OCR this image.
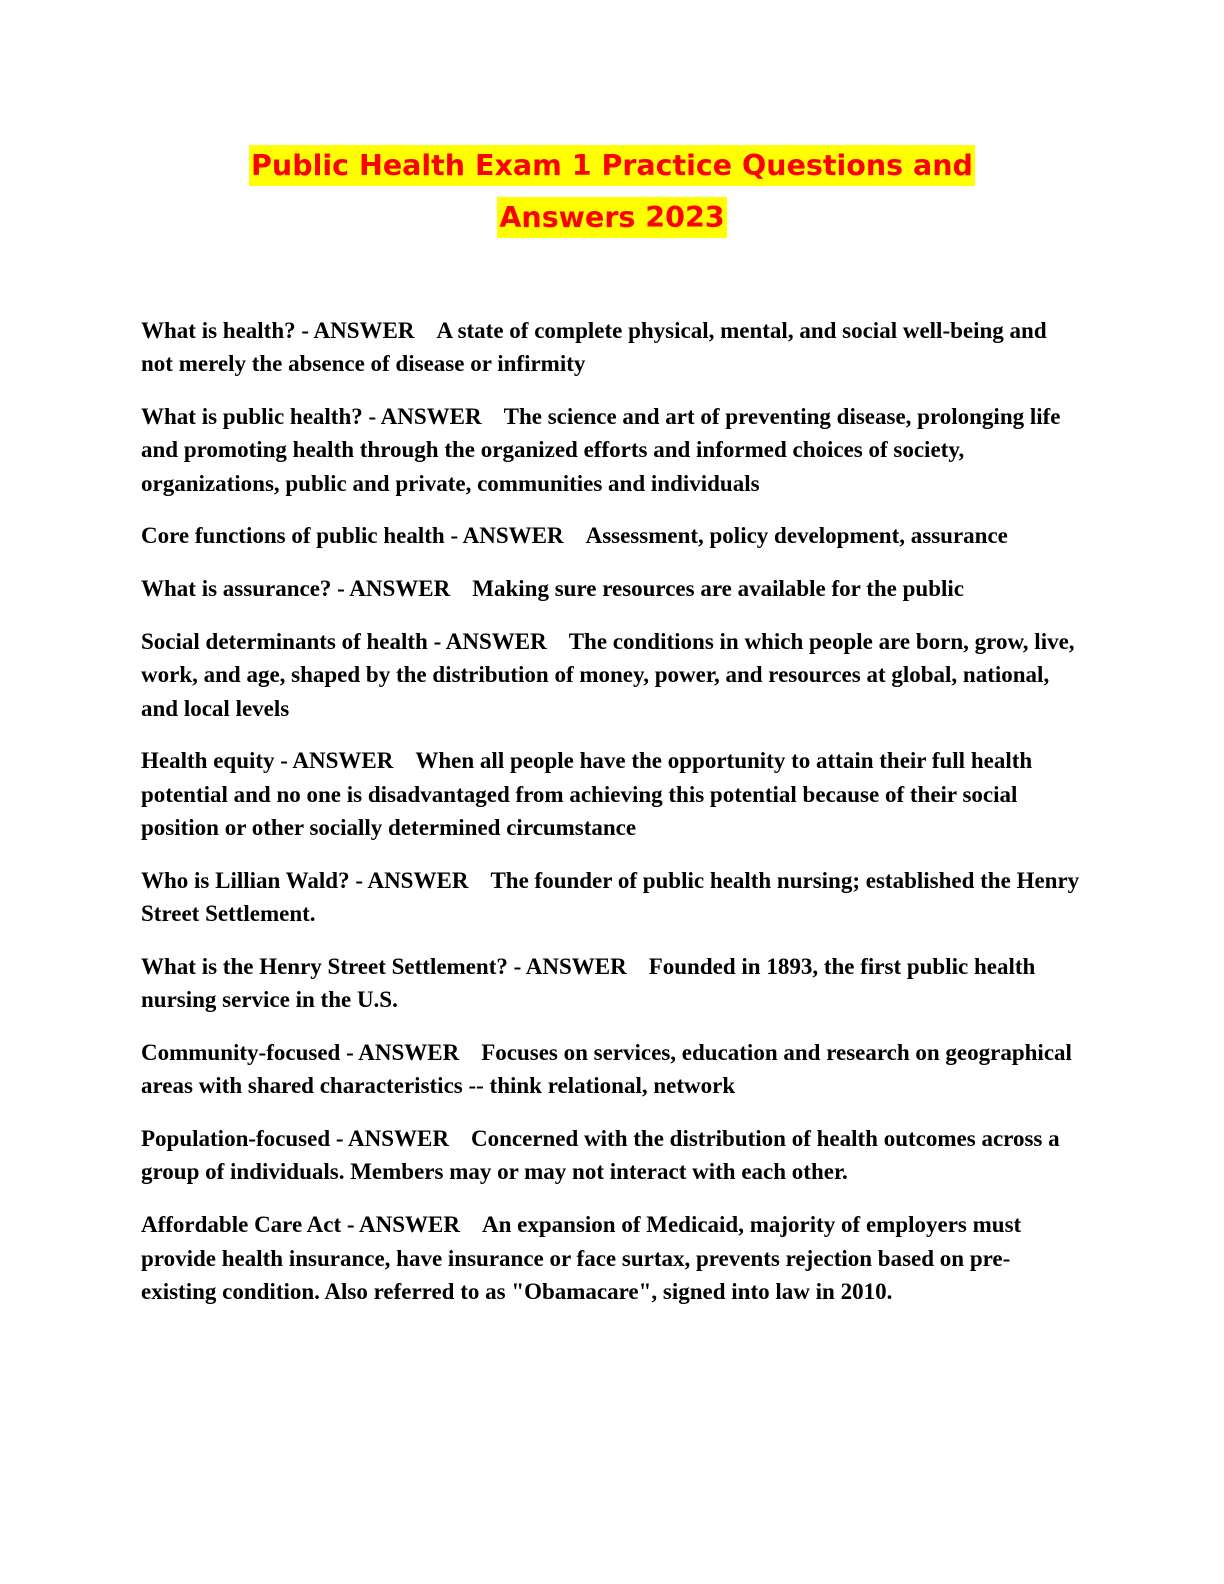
Public Health Exam 1 Practice Questions and
Answers 2023
What is health? - ANSWER A state of complete physical, mental, and social well-being and not merely the absence of disease or infirmity
What is public health? - ANSWER The science and art of preventing disease, prolonging life and promoting health through the organized efforts and informed choices of society, organizations, public and private, communities and individuals
Core functions of public health - ANSWER Assessment, policy development, assurance
What is assurance? - ANSWER Making sure resources are available for the public
Social determinants of health - ANSWER The conditions in which people are born, grow, live, work, and age, shaped by the distribution of money, power, and resources at global, national, and local levels
Health equity - ANSWER When all people have the opportunity to attain their full health potential and no one is disadvantaged from achieving this potential because of their social position or other socially determined circumstance
Who is Lillian Wald? - ANSWER The founder of public health nursing; established the Henry Street Settlement.
What is the Henry Street Settlement? - ANSWER Founded in 1893, the first public health nursing service in the U.S.
Community-focused - ANSWER Focuses on services, education and research on geographical areas with shared characteristics -- think relational, network
Population-focused - ANSWER Concerned with the distribution of health outcomes across a group of individuals. Members may or may not interact with each other.
Affordable Care Act - ANSWER An expansion of Medicaid, majority of employers must provide health insurance, have insurance or face surtax, prevents rejection based on pre-existing condition. Also referred to as "Obamacare", signed into law in 2010.
